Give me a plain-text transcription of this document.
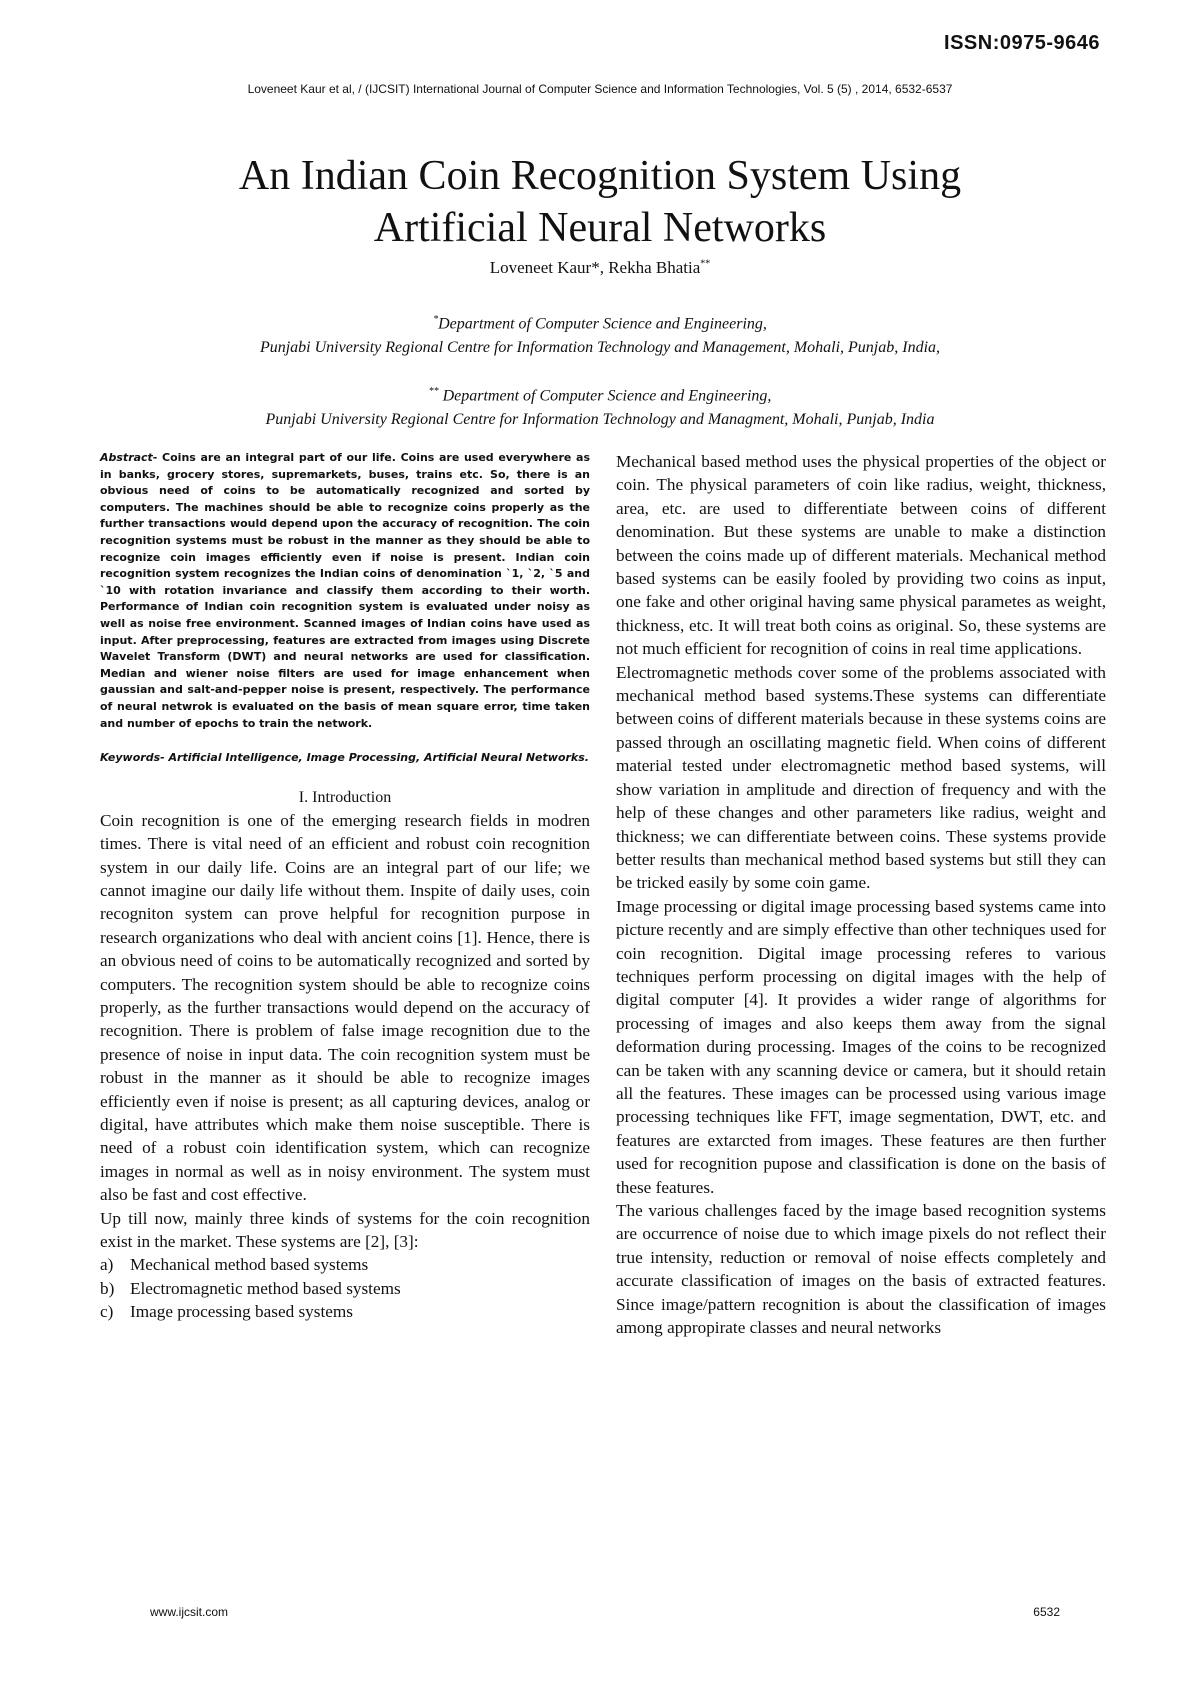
ISSN:0975-9646
Loveneet Kaur et al, / (IJCSIT) International Journal of Computer Science and Information Technologies, Vol. 5 (5) , 2014, 6532-6537
An Indian Coin Recognition System Using
Artificial Neural Networks
Loveneet Kaur*, Rekha Bhatia**
*Department of Computer Science and Engineering,
Punjabi University Regional Centre for Information Technology and Management, Mohali, Punjab, India,
** Department of Computer Science and Engineering,
Punjabi University Regional Centre for Information Technology and Managment, Mohali, Punjab, India

Abstract- Coins are an integral part of our life. Coins are used everywhere as in banks, grocery stores, supremarkets, buses, trains etc. So, there is an obvious need of coins to be automatically recognized and sorted by computers. The machines should be able to recognize coins properly as the further transactions would depend upon the accuracy of recognition. The coin recognition systems must be robust in the manner as they should be able to recognize coin images efficiently even if noise is present. Indian coin recognition system recognizes the Indian coins of denomination `1, `2, `5 and `10 with rotation invariance and classify them according to their worth. Performance of Indian coin recognition system is evaluated under noisy as well as noise free environment. Scanned images of Indian coins have used as input. After preprocessing, features are extracted from images using Discrete Wavelet Transform (DWT) and neural networks are used for classification. Median and wiener noise filters are used for image enhancement when gaussian and salt-and-pepper noise is present, respectively. The performance of neural netwrok is evaluated on the basis of mean square error, time taken and number of epochs to train the network.

Keywords- Artificial Intelligence, Image Processing, Artificial Neural Networks.

I. Introduction

Coin recognition is one of the emerging research fields in modren times. There is vital need of an efficient and robust coin recognition system in our daily life. Coins are an integral part of our life; we cannot imagine our daily life without them. Inspite of daily uses, coin recogniton system can prove helpful for recognition purpose in research organizations who deal with ancient coins [1]. Hence, there is an obvious need of coins to be automatically recognized and sorted by computers. The recognition system should be able to recognize coins properly, as the further transactions would depend on the accuracy of recognition. There is problem of false image recognition due to the presence of noise in input data. The coin recognition system must be robust in the manner as it should be able to recognize images efficiently even if noise is present; as all capturing devices, analog or digital, have attributes which make them noise susceptible. There is need of a robust coin identification system, which can recognize images in normal as well as in noisy environment. The system must also be fast and cost effective.

Up till now, mainly three kinds of systems for the coin recognition exist in the market. These systems are [2], [3]:

a) Mechanical method based systems
b) Electromagnetic method based systems
c) Image processing based systems

Mechanical based method uses the physical properties of the object or coin. The physical parameters of coin like radius, weight, thickness, area, etc. are used to differentiate between coins of different denomination. But these systems are unable to make a distinction between the coins made up of different materials. Mechanical method based systems can be easily fooled by providing two coins as input, one fake and other original having same physical parametes as weight, thickness, etc. It will treat both coins as original. So, these systems are not much efficient for recognition of coins in real time applications.

Electromagnetic methods cover some of the problems associated with mechanical method based systems.These systems can differentiate between coins of different materials because in these systems coins are passed through an oscillating magnetic field. When coins of different material tested under electromagnetic method based systems, will show variation in amplitude and direction of frequency and with the help of these changes and other parameters like radius, weight and thickness; we can differentiate between coins. These systems provide better results than mechanical method based systems but still they can be tricked easily by some coin game.

Image processing or digital image processing based systems came into picture recently and are simply effective than other techniques used for coin recognition. Digital image processing referes to various techniques perform processing on digital images with the help of digital computer [4]. It provides a wider range of algorithms for processing of images and also keeps them away from the signal deformation during processing. Images of the coins to be recognized can be taken with any scanning device or camera, but it should retain all the features. These images can be processed using various image processing techniques like FFT, image segmentation, DWT, etc. and features are extarcted from images. These features are then further used for recognition pupose and classification is done on the basis of these features.

The various challenges faced by the image based recognition systems are occurrence of noise due to which image pixels do not reflect their true intensity, reduction or removal of noise effects completely and accurate classification of images on the basis of extracted features. Since image/pattern recognition is about the classification of images among appropirate classes and neural networks

www.ijcsit.com	6532
